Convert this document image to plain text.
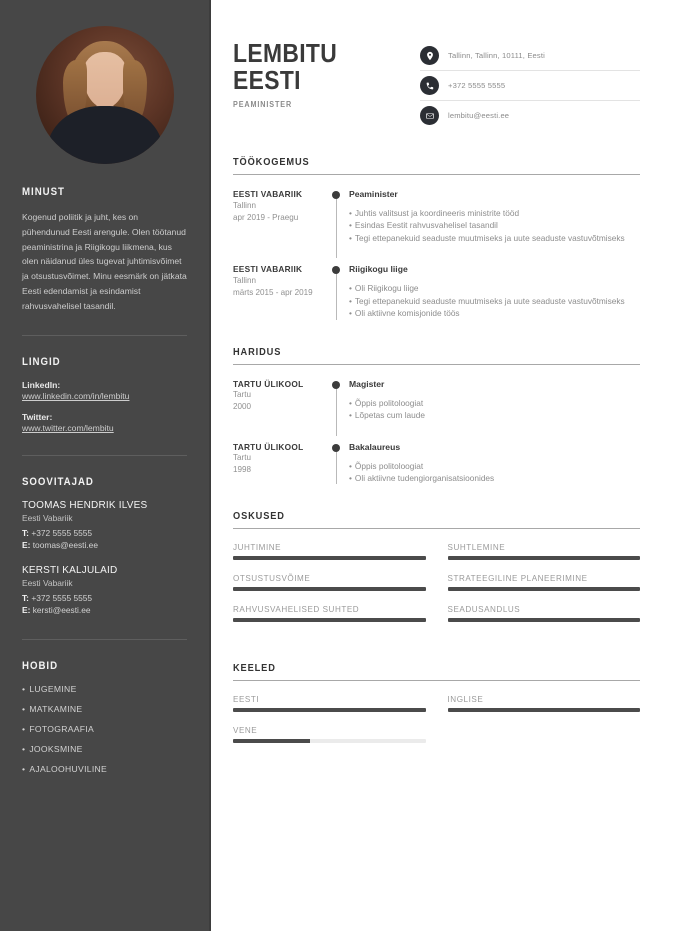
MINUST
Kogenud poliitik ja juht, kes on pühendunud Eesti arengule. Olen töötanud peaministrina ja Riigikogu liikmena, kus olen näidanud üles tugevat juhtimisvõimet ja otsustusvõimet. Minu eesmärk on jätkata Eesti edendamist ja esindamist rahvusvahelisel tasandil.
LINGID
LinkedIn:
www.linkedin.com/in/lembitu
Twitter:
www.twitter.com/lembitu
SOOVITAJAD
TOOMAS HENDRIK ILVES
Eesti Vabariik
T: +372 5555 5555
E: toomas@eesti.ee
KERSTI KALJULAID
Eesti Vabariik
T: +372 5555 5555
E: kersti@eesti.ee
HOBID
• LUGEMINE
• MATKAMINE
• FOTOGRAAFIA
• JOOKSMINE
• AJALOOHUVILINE
LEMBITU
EESTI
PEAMINISTER
Tallinn, Tallinn, 10111, Eesti
+372 5555 5555
lembitu@eesti.ee
TÖÖKOGEMUS
EESTI VABARIIK
Tallinn
apr 2019 - Praegu
Peaminister
• Juhtis valitsust ja koordineeris ministrite tööd
• Esindas Eestit rahvusvahelisel tasandil
• Tegi ettepanekuid seaduste muutmiseks ja uute seaduste vastuvõtmiseks
EESTI VABARIIK
Tallinn
märts 2015 - apr 2019
Riigikogu liige
• Oli Riigikogu liige
• Tegi ettepanekuid seaduste muutmiseks ja uute seaduste vastuvõtmiseks
• Oli aktiivne komisjonide töös
HARIDUS
TARTU ÜLIKOOL
Tartu
2000
Magister
• Õppis politoloogiat
• Lõpetas cum laude
TARTU ÜLIKOOL
Tartu
1998
Bakalaureus
• Õppis politoloogiat
• Oli aktiivne tudengiorganisatsioonides
OSKUSED
JUHTIMINE	SUHTLEMINE
OTSUSTUSVÕIME	STRATEEGILINE PLANEERIMINE
RAHVUSVAHELISED SUHTED	SEADUSANDLUS
KEELED
EESTI	INGLISE
VENE
